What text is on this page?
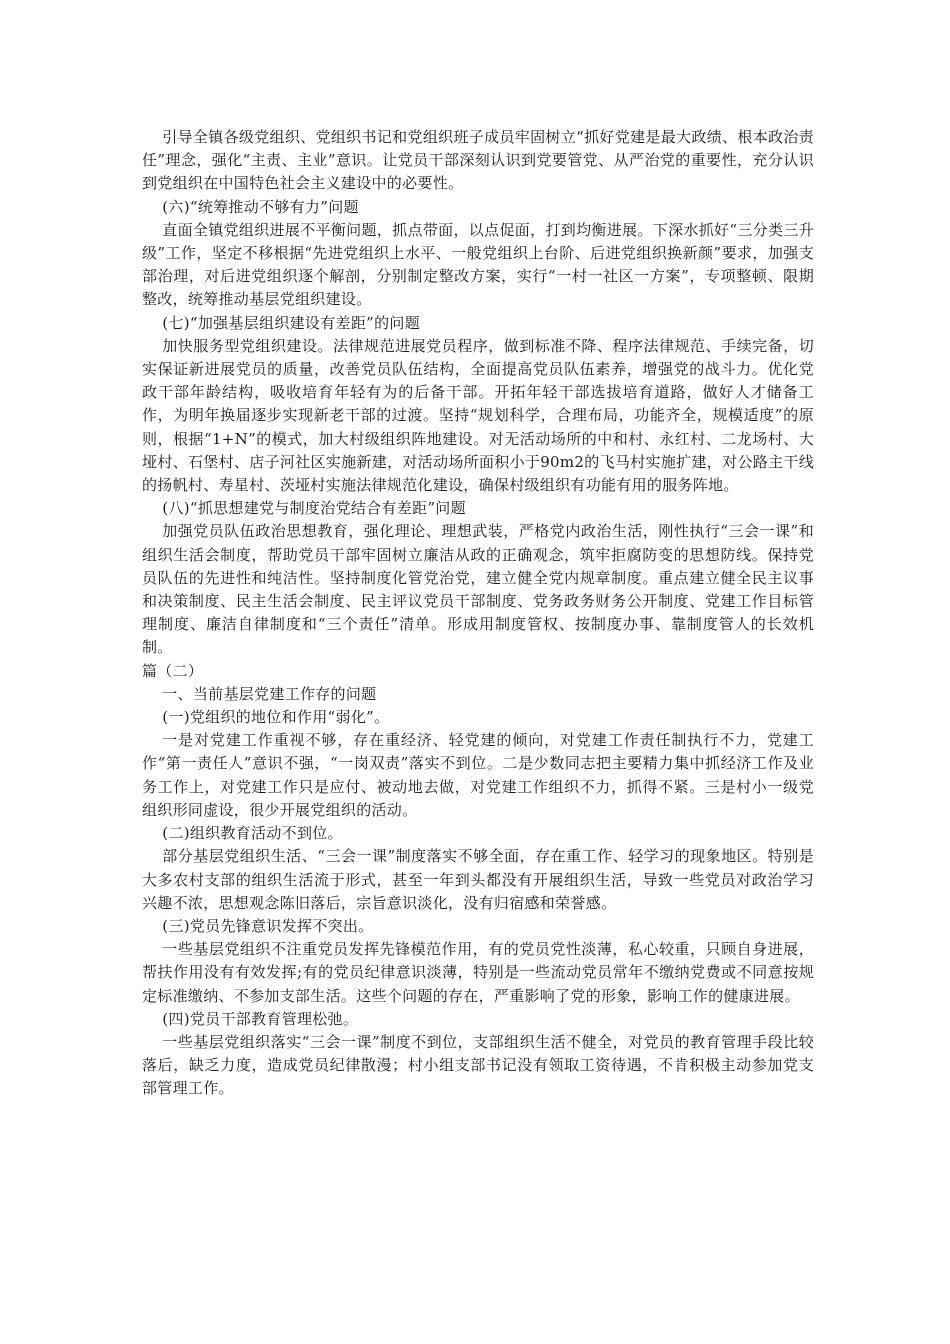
引导全镇各级党组织、党组织书记和党组织班子成员牢固树立“抓好党建是最大政绩、根本政治责任”理念，强化“主责、主业”意识。让党员干部深刻认识到党要管党、从严治党的重要性，充分认识到党组织在中国特色社会主义建设中的必要性。

(六)“统筹推动不够有力”问题

直面全镇党组织进展不平衡问题，抓点带面，以点促面，打到均衡进展。下深水抓好“三分类三升级”工作，坚定不移根据“先进党组织上水平、一般党组织上台阶、后进党组织换新颜”要求，加强支部治理，对后进党组织逐个解剖，分别制定整改方案，实行“一村一社区一方案”，专项整顿、限期整改，统筹推动基层党组织建设。

(七)“加强基层组织建设有差距”的问题

加快服务型党组织建设。法律规范进展党员程序，做到标准不降、程序法律规范、手续完备，切实保证新进展党员的质量，改善党员队伍结构，全面提高党员队伍素养，增强党的战斗力。优化党政干部年龄结构，吸收培育年轻有为的后备干部。开拓年轻干部选拔培育道路，做好人才储备工作，为明年换届逐步实现新老干部的过渡。坚持“规划科学，合理布局，功能齐全，规模适度”的原则，根据“1+N”的模式，加大村级组织阵地建设。对无活动场所的中和村、永红村、二龙场村、大垭村、石堡村、店子河社区实施新建，对活动场所面积小于90m2的飞马村实施扩建，对公路主干线的扬帆村、寿星村、茨垭村实施法律规范化建设，确保村级组织有功能有用的服务阵地。

(八)“抓思想建党与制度治党结合有差距”问题

加强党员队伍政治思想教育，强化理论、理想武装，严格党内政治生活，刚性执行“三会一课”和组织生活会制度，帮助党员干部牢固树立廉洁从政的正确观念，筑牢拒腐防变的思想防线。保持党员队伍的先进性和纯洁性。坚持制度化管党治党，建立健全党内规章制度。重点建立健全民主议事和决策制度、民主生活会制度、民主评议党员干部制度、党务政务财务公开制度、党建工作目标管理制度、廉洁自律制度和“三个责任”清单。形成用制度管权、按制度办事、靠制度管人的长效机制。

篇（二）

一、当前基层党建工作存的问题

(一)党组织的地位和作用“弱化”。

一是对党建工作重视不够，存在重经济、轻党建的倾向，对党建工作责任制执行不力，党建工作“第一责任人”意识不强，“一岗双责”落实不到位。二是少数同志把主要精力集中抓经济工作及业务工作上，对党建工作只是应付、被动地去做，对党建工作组织不力，抓得不紧。三是村小一级党组织形同虚设，很少开展党组织的活动。

(二)组织教育活动不到位。

部分基层党组织生活、“三会一课”制度落实不够全面，存在重工作、轻学习的现象地区。特别是大多农村支部的组织生活流于形式，甚至一年到头都没有开展组织生活，导致一些党员对政治学习兴趣不浓，思想观念陈旧落后，宗旨意识淡化，没有归宿感和荣誉感。

(三)党员先锋意识发挥不突出。

一些基层党组织不注重党员发挥先锋模范作用，有的党员党性淡薄，私心较重，只顾自身进展，帮扶作用没有有效发挥;有的党员纪律意识淡薄，特别是一些流动党员常年不缴纳党费或不同意按规定标准缴纳、不参加支部生活。这些个问题的存在，严重影响了党的形象，影响工作的健康进展。

(四)党员干部教育管理松弛。

一些基层党组织落实“三会一课”制度不到位，支部组织生活不健全，对党员的教育管理手段比较落后，缺乏力度，造成党员纪律散漫；村小组支部书记没有领取工资待遇，不肯积极主动参加党支部管理工作。
